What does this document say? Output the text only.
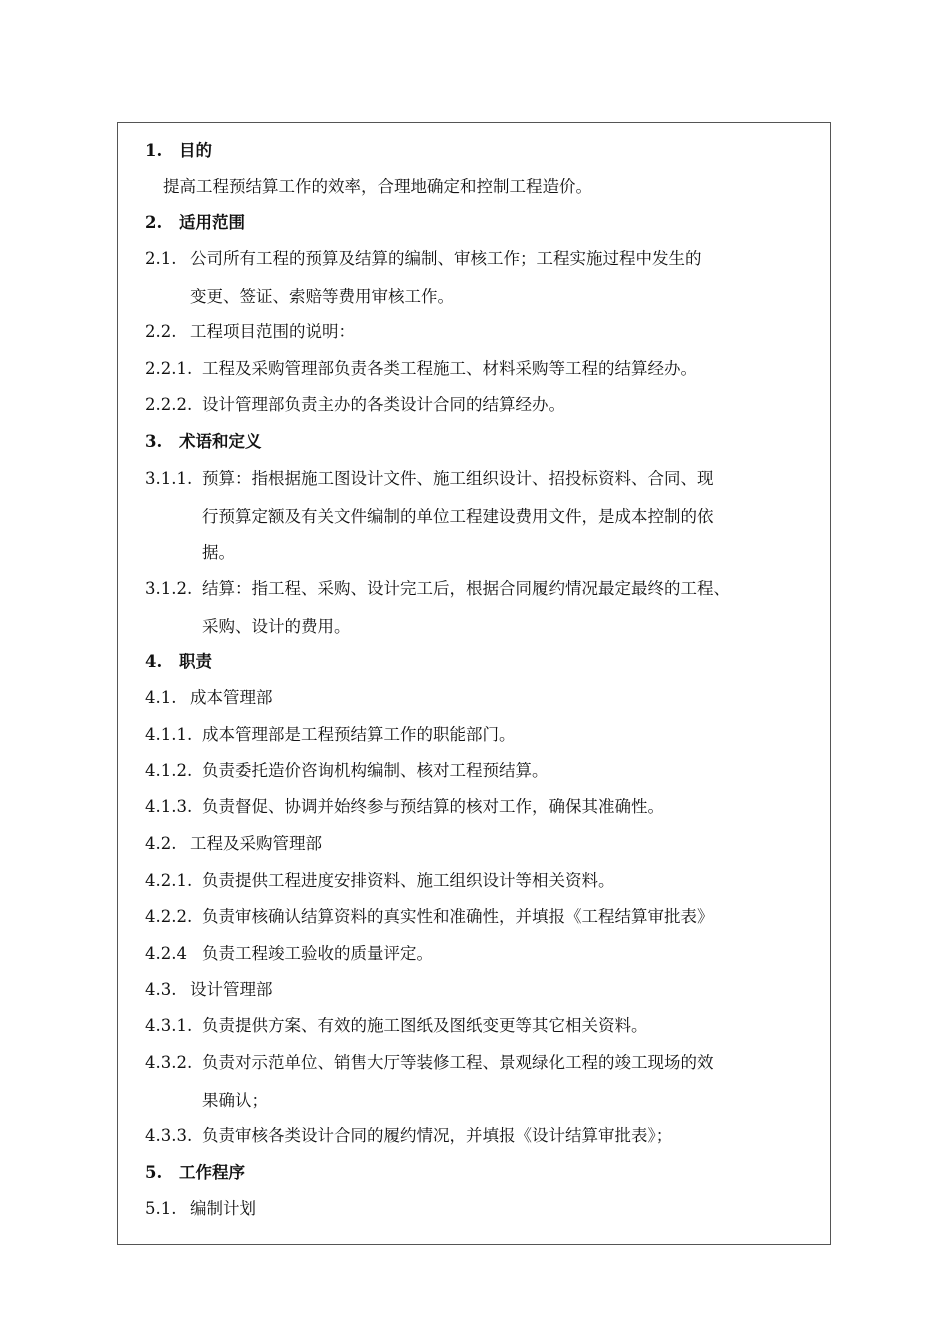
1. 目的
提高工程预结算工作的效率，合理地确定和控制工程造价。
2. 适用范围
2.1. 公司所有工程的预算及结算的编制、审核工作；工程实施过程中发生的
变更、签证、索赔等费用审核工作。
2.2. 工程项目范围的说明：
2.2.1. 工程及采购管理部负责各类工程施工、材料采购等工程的结算经办。
2.2.2. 设计管理部负责主办的各类设计合同的结算经办。
3. 术语和定义
3.1.1. 预算：指根据施工图设计文件、施工组织设计、招投标资料、合同、现
行预算定额及有关文件编制的单位工程建设费用文件，是成本控制的依
据。
3.1.2. 结算：指工程、采购、设计完工后，根据合同履约情况最定最终的工程、
采购、设计的费用。
4. 职责
4.1. 成本管理部
4.1.1. 成本管理部是工程预结算工作的职能部门。
4.1.2. 负责委托造价咨询机构编制、核对工程预结算。
4.1.3. 负责督促、协调并始终参与预结算的核对工作，确保其准确性。
4.2. 工程及采购管理部
4.2.1. 负责提供工程进度安排资料、施工组织设计等相关资料。
4.2.2. 负责审核确认结算资料的真实性和准确性，并填报《工程结算审批表》
4.2.4 负责工程竣工验收的质量评定。
4.3. 设计管理部
4.3.1. 负责提供方案、有效的施工图纸及图纸变更等其它相关资料。
4.3.2. 负责对示范单位、销售大厅等装修工程、景观绿化工程的竣工现场的效
果确认；
4.3.3. 负责审核各类设计合同的履约情况，并填报《设计结算审批表》；
5. 工作程序
5.1. 编制计划
